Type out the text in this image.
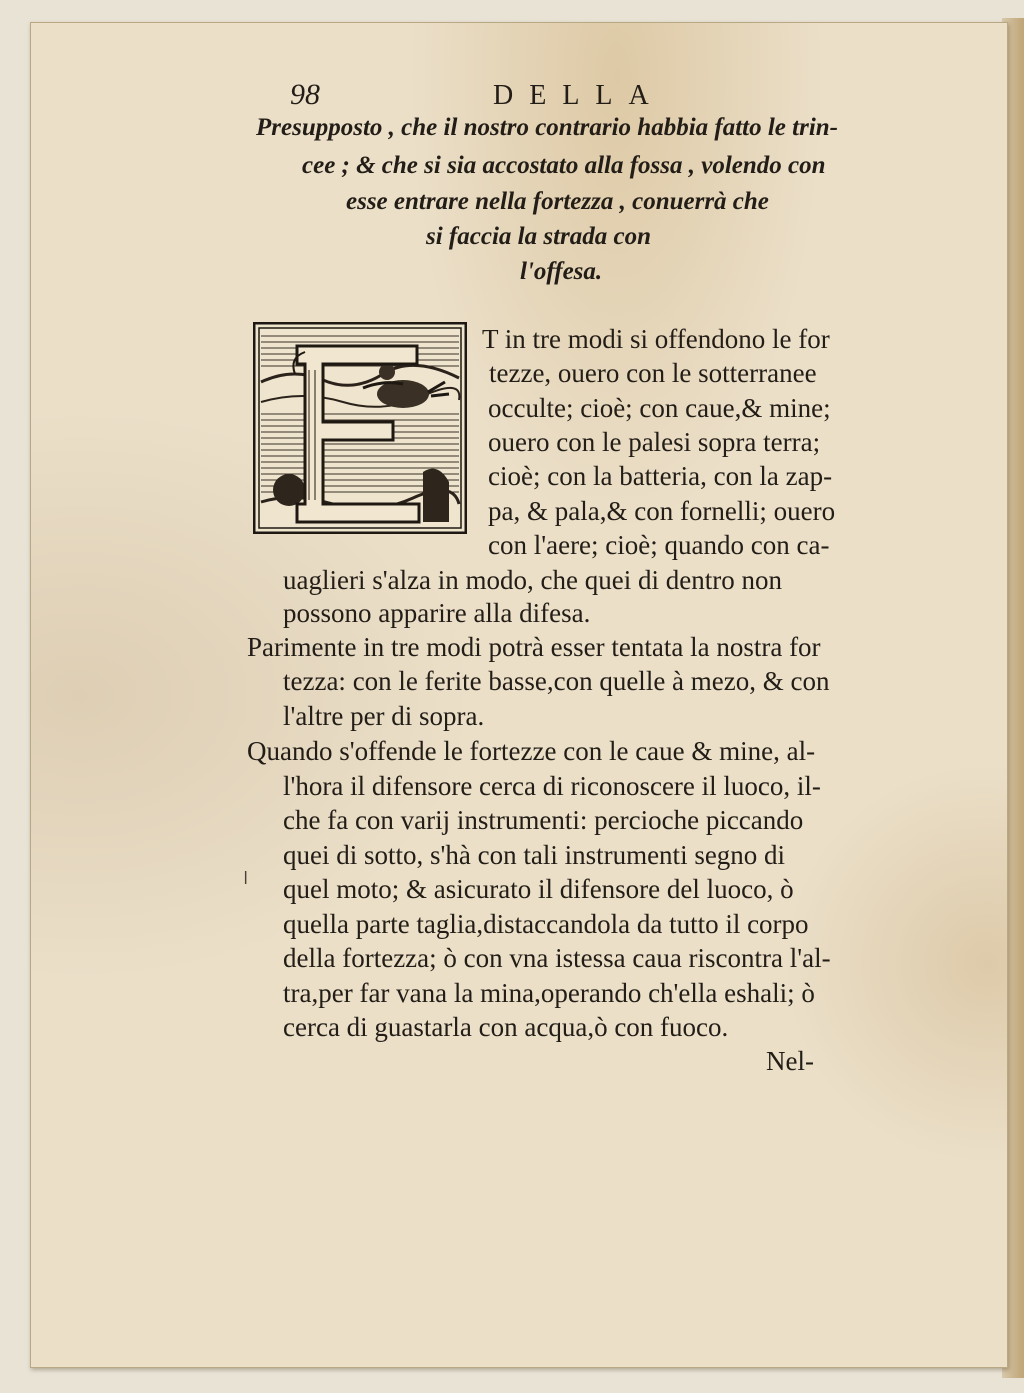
98	DELLA
Presupposto , che il nostro contrario habbia fatto le trin-
cee ; & che si sia accostato alla fossa , volendo con
esse entrare nella fortezza , conuerrà che
si faccia la strada con
l'offesa.
T in tre modi si offendono le for
tezze, ouero con le sotterranee
occulte; cioè; con caue,& mine;
ouero con le palesi sopra terra;
cioè; con la batteria, con la zap-
pa, & pala,& con fornelli; ouero
con l'aere; cioè; quando con ca-
uaglieri s'alza in modo, che quei di dentro non
possono apparire alla difesa.
Parimente in tre modi potrà esser tentata la nostra for
tezza: con le ferite basse,con quelle à mezo, & con
l'altre per di sopra.
Quando s'offende le fortezze con le caue & mine, al-
l'hora il difensore cerca di riconoscere il luoco, il-
che fa con varij instrumenti: percioche piccando
quei di sotto, s'hà con tali instrumenti segno di
quel moto; & asicurato il difensore del luoco, ò
quella parte taglia,distaccandola da tutto il corpo
della fortezza; ò con vna istessa caua riscontra l'al-
tra,per far vana la mina,operando ch'ella eshali; ò
cerca di guastarla con acqua,ò con fuoco.
ǀ
Nel-
